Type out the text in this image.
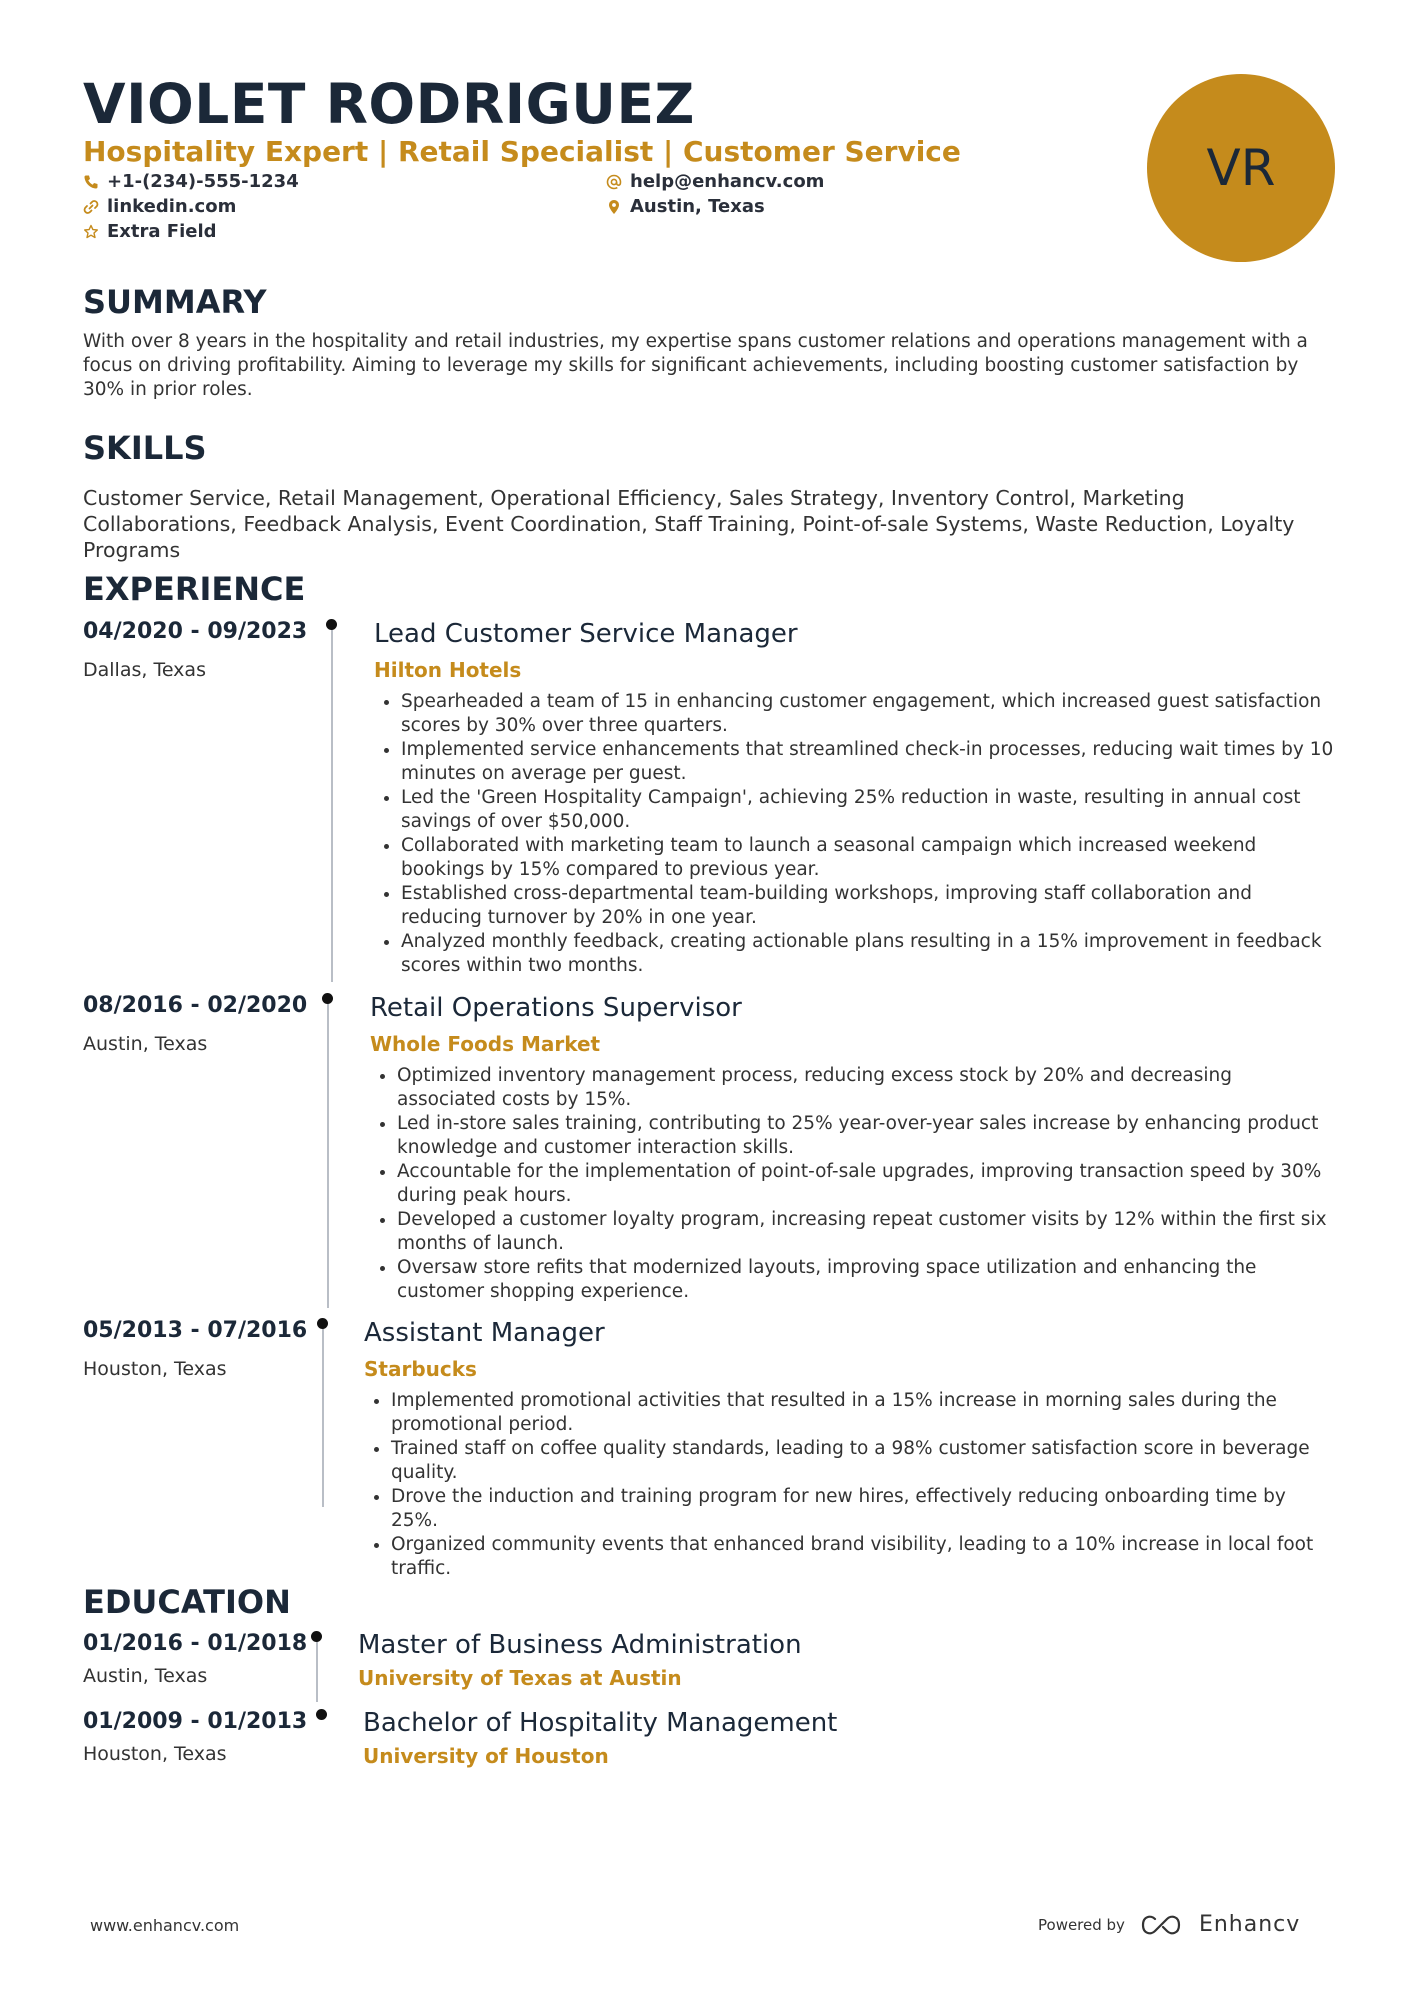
VIOLET RODRIGUEZ
Hospitality Expert | Retail Specialist | Customer Service
+1-(234)-555-1234
linkedin.com
Extra Field
help@enhancv.com
Austin, Texas
VR
SUMMARY
With over 8 years in the hospitality and retail industries, my expertise spans customer relations and operations management with a focus on driving profitability. Aiming to leverage my skills for significant achievements, including boosting customer satisfaction by 30% in prior roles.
SKILLS
Customer Service, Retail Management, Operational Efficiency, Sales Strategy, Inventory Control, Marketing Collaborations, Feedback Analysis, Event Coordination, Staff Training, Point-of-sale Systems, Waste Reduction, Loyalty Programs
EXPERIENCE
04/2020 - 09/2023
Dallas, Texas
Lead Customer Service Manager
Hilton Hotels
• Spearheaded a team of 15 in enhancing customer engagement, which increased guest satisfaction scores by 30% over three quarters.
• Implemented service enhancements that streamlined check-in processes, reducing wait times by 10 minutes on average per guest.
• Led the 'Green Hospitality Campaign', achieving 25% reduction in waste, resulting in annual cost savings of over $50,000.
• Collaborated with marketing team to launch a seasonal campaign which increased weekend bookings by 15% compared to previous year.
• Established cross-departmental team-building workshops, improving staff collaboration and reducing turnover by 20% in one year.
• Analyzed monthly feedback, creating actionable plans resulting in a 15% improvement in feedback scores within two months.
08/2016 - 02/2020
Austin, Texas
Retail Operations Supervisor
Whole Foods Market
• Optimized inventory management process, reducing excess stock by 20% and decreasing associated costs by 15%.
• Led in-store sales training, contributing to 25% year-over-year sales increase by enhancing product knowledge and customer interaction skills.
• Accountable for the implementation of point-of-sale upgrades, improving transaction speed by 30% during peak hours.
• Developed a customer loyalty program, increasing repeat customer visits by 12% within the first six months of launch.
• Oversaw store refits that modernized layouts, improving space utilization and enhancing the customer shopping experience.
05/2013 - 07/2016
Houston, Texas
Assistant Manager
Starbucks
• Implemented promotional activities that resulted in a 15% increase in morning sales during the promotional period.
• Trained staff on coffee quality standards, leading to a 98% customer satisfaction score in beverage quality.
• Drove the induction and training program for new hires, effectively reducing onboarding time by 25%.
• Organized community events that enhanced brand visibility, leading to a 10% increase in local foot traffic.
EDUCATION
01/2016 - 01/2018
Austin, Texas
Master of Business Administration
University of Texas at Austin
01/2009 - 01/2013
Houston, Texas
Bachelor of Hospitality Management
University of Houston
www.enhancv.com	Powered by	Enhancv
